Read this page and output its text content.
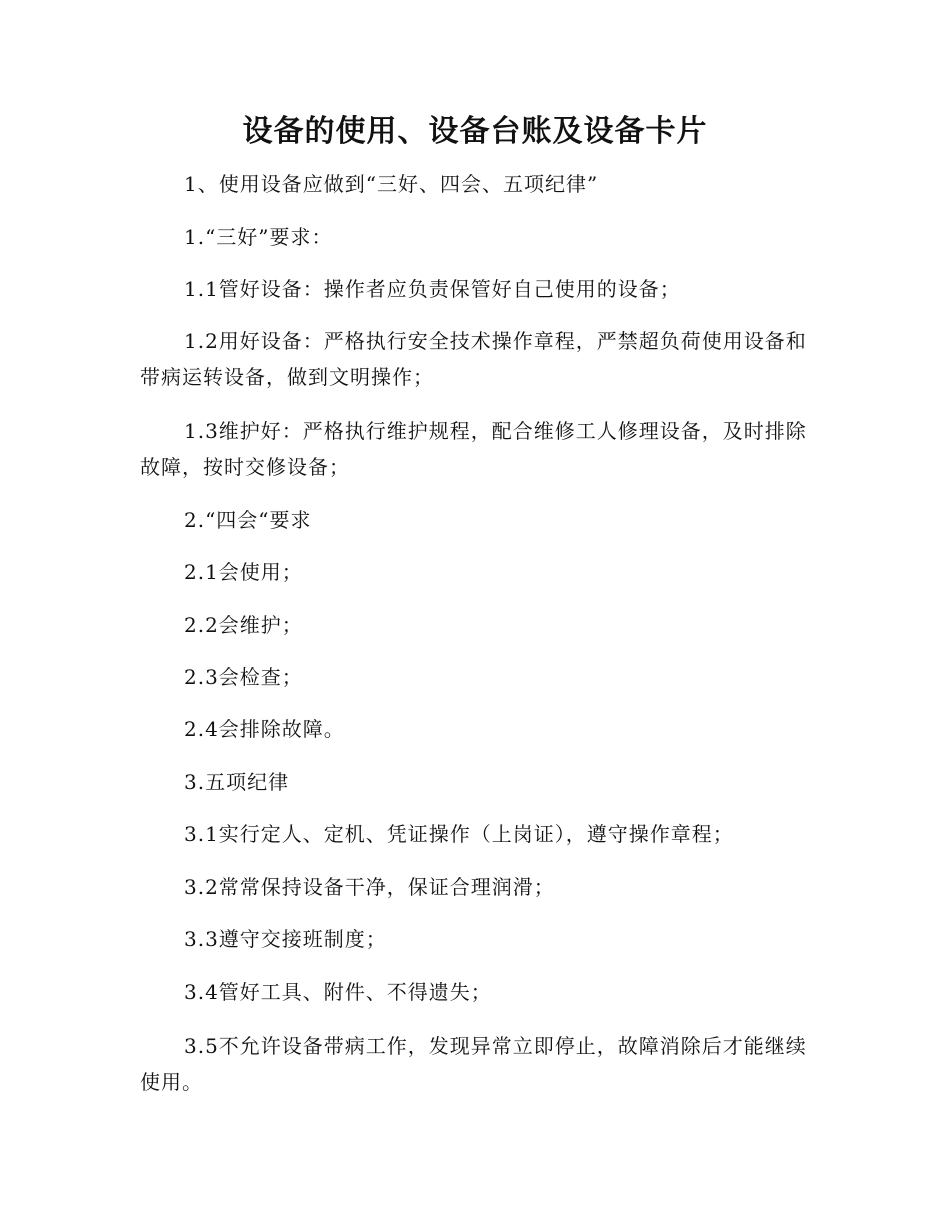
设备的使用、设备台账及设备卡片

1、使用设备应做到“三好、四会、五项纪律”

1.“三好”要求：

1.1管好设备：操作者应负责保管好自己使用的设备；

1.2用好设备：严格执行安全技术操作章程，严禁超负荷使用设备和带病运转设备，做到文明操作；

1.3维护好：严格执行维护规程，配合维修工人修理设备，及时排除故障，按时交修设备；

2.“四会“要求

2.1会使用；

2.2会维护；

2.3会检查；

2.4会排除故障。

3.五项纪律

3.1实行定人、定机、凭证操作（上岗证），遵守操作章程；

3.2常常保持设备干净，保证合理润滑；

3.3遵守交接班制度；

3.4管好工具、附件、不得遗失；

3.5不允许设备带病工作，发现异常立即停止，故障消除后才能继续使用。
